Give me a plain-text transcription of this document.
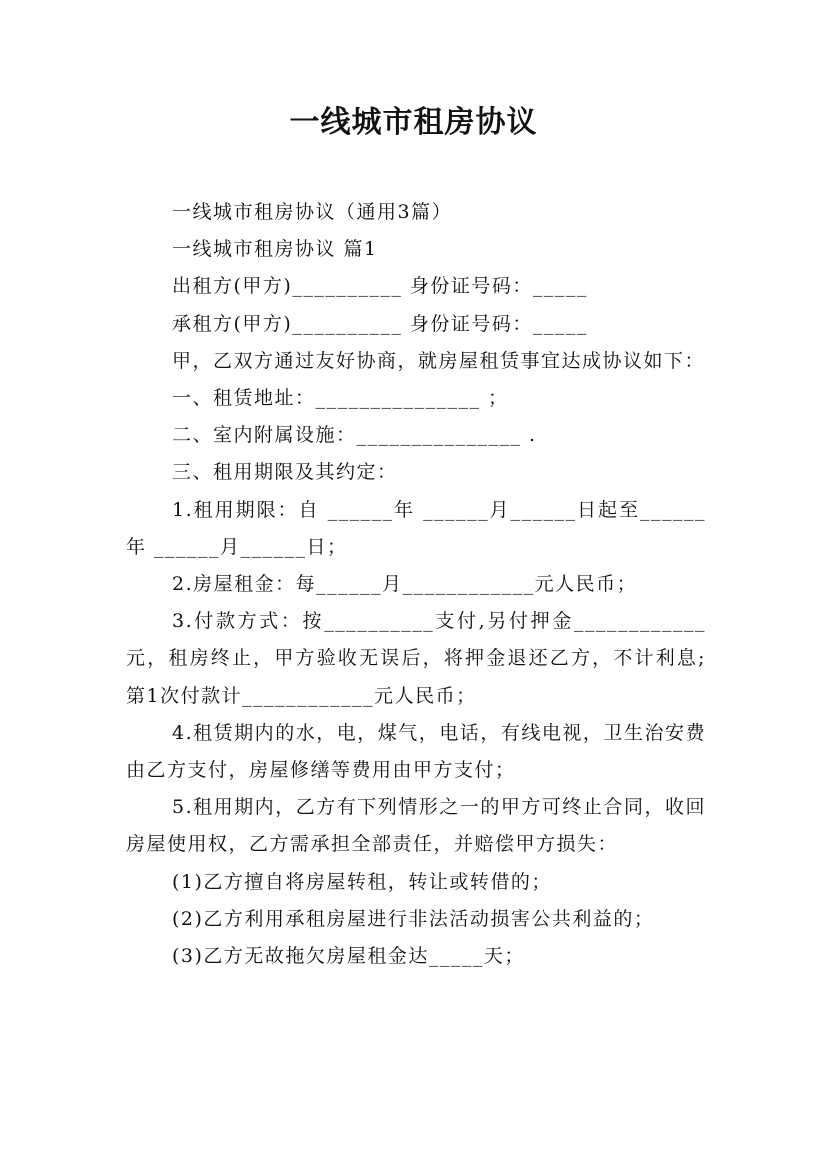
一线城市租房协议

一线城市租房协议（通用3篇）

一线城市租房协议 篇1

出租方(甲方)__________ 身份证号码：_____

承租方(甲方)__________ 身份证号码：_____

甲，乙双方通过友好协商，就房屋租赁事宜达成协议如下：

一、租赁地址：_______________ ；

二、室内附属设施：_______________ .

三、租用期限及其约定：

1.租用期限：自 ______年 ______月______日起至______年 ______月______日；

2.房屋租金：每______月____________元人民币；

3.付款方式：按__________支付,另付押金____________元，租房终止，甲方验收无误后，将押金退还乙方，不计利息;第1次付款计____________元人民币；

4.租赁期内的水，电，煤气，电话，有线电视，卫生治安费由乙方支付，房屋修缮等费用由甲方支付；

5.租用期内，乙方有下列情形之一的甲方可终止合同，收回房屋使用权，乙方需承担全部责任，并赔偿甲方损失：

(1)乙方擅自将房屋转租，转让或转借的；

(2)乙方利用承租房屋进行非法活动损害公共利益的；

(3)乙方无故拖欠房屋租金达_____天；
